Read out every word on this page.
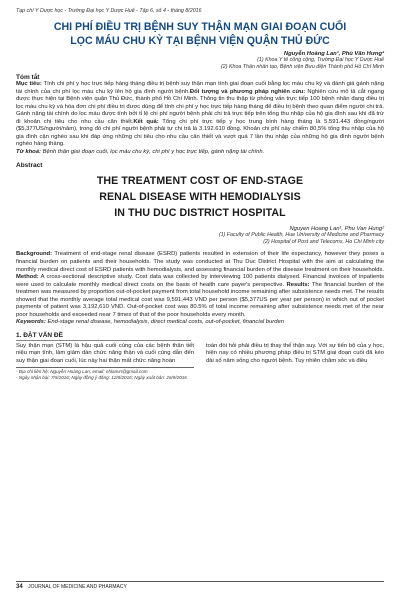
Tạp chí Y Dược học - Trường Đại học Y Dược Huế - Tập 6, số 4 - tháng 8/2016
CHI PHÍ ĐIỀU TRỊ BỆNH SUY THẬN MẠN GIAI ĐOẠN CUỐI
LỌC MÁU CHU KỲ TẠI BỆNH VIỆN QUẬN THỦ ĐỨC
Nguyễn Hoàng Lan¹, Phù Văn Hưng²
(1) Khoa Y tế công cộng, Trường Đại học Y Dược Huế
(2) Khoa Thận nhân tạo, Bệnh viện Bưu điện Thành phố Hồ Chí Minh
Tóm tắt
Mục tiêu: Tính chi phí y học trực tiếp hàng tháng điều trị bệnh suy thận mạn tính giai đoạn cuối bằng lọc máu chu kỳ và đánh giá gánh nặng tài chính của chi phí lọc máu chu kỳ lên hộ gia đình người bệnh.Đối tượng và phương pháp nghiên cứu: Nghiên cứu mô tả cắt ngang được thực hiện tại Bệnh viện quận Thủ Đức, thành phố Hồ Chí Minh. Thông tin thu thập từ phỏng vấn trực tiếp 100 bệnh nhân đang điều trị lọc máu chu kỳ và hóa đơn chi phí điều trị được dùng để tính chi phí y học trực tiếp hàng tháng để điều trị bệnh theo quan điểm người chi trả. Gánh nặng tài chính do lọc máu được tính bởi tỉ lệ chi phí người bệnh phải chi trả trực tiếp trên tổng thu nhập của hộ gia đình sau khi đã trừ đi khoản chi tiêu cho nhu cầu căn thiết.Kết quả: Tổng chi phí trực tiếp y học trung bình hàng tháng là 5.591.443 đồng/người ($5,377US/người/năm), trong đó chi phí người bệnh phải tự chi trả là 3.192.610 đồng. Khoản chi phí này chiếm 80,5% tổng thu nhập của hộ gia đình cận nghèo sau khi đáp ứng những chi tiêu cho nhu cầu căn thiết và vượt quá 7 lần thu nhập của những hộ gia đình người bệnh nghèo hàng tháng.
Từ khoá: Bệnh thận giai đoạn cuối, lọc máu chu kỳ, chi phí y học trực tiếp, gánh nặng tài chính.
Abstract
THE TREATMENT COST OF END-STAGE
RENAL DISEASE WITH HEMODIALYSIS
IN THU DUC DISTRICT HOSPITAL
Nguyen Hoang Lan¹, Phu Van Hung²
(1) Faculty of Public Health, Hue University of Medicine and Pharmacy
(2) Hospital of Post and Telecoms, Ho Chi Minh city
Background: Treatment of end-stage renal disease (ESRD) patients resulted in extension of their life expectancy, however they poses a financial burden on patients and their households. The study was conducted at Thu Duc District Hospital with the aim at calculating the monthly medical direct cost of ESRD patients with hemodialysis, and assessing financial burden of the disease treatment on their households. Method: A cross-sectional descriptive study. Cost data was collected by interviewing 100 patients dialysed. Financial invoices of inpatients were used to calculate monthly medical direct costs on the basis of health care payer's perspective. Results: The financial burden of the treatmen was measured by proportion out-of-pocket payment from total household income remaining after subsistence needs met. The results showed that the monthly average total medical cost was 9,591,443 VND per person ($5,377US per year per person) in which out of pocket payments of patient was 3,192,610 VND. Out-of-pocket cost was 80.5% of total income remaining after subsistence needs met of the near poor households and exceeded near 7 times of that of the poor households every month.
Keywords: End-stage renal disease, hemodialysis, direct medical costs, out-of-pocket, financial burden
1. ĐẶT VẤN ĐỀ
Suy thận mạn (STM) là hậu quả cuối cùng của các bệnh thận tiết niệu mạn tính, làm giảm dần chức năng thận và cuối cùng dẫn đến suy thận giai đoạn cuối, lúc này hai thận mất chức năng hoàn
- Địa chỉ liên hệ: Nguyễn Hoàng Lan, email: nhlanvn@gmail.com
- Ngày nhận bài: 7/5/2016; Ngày đồng ý đăng: 12/8/2016; Ngày xuất bản: 26/9/2016
toàn đòi hỏi phải điều trị thay thế thận suy. Với sự tiến bộ của y học, hiện nay có nhiều phương pháp điều trị STM giai đoạn cuối đã kéo dài số năm sống cho người bệnh. Tuy nhiên chăm sóc và điều
34 JOURNAL OF MEDICINE AND PHARMACY
